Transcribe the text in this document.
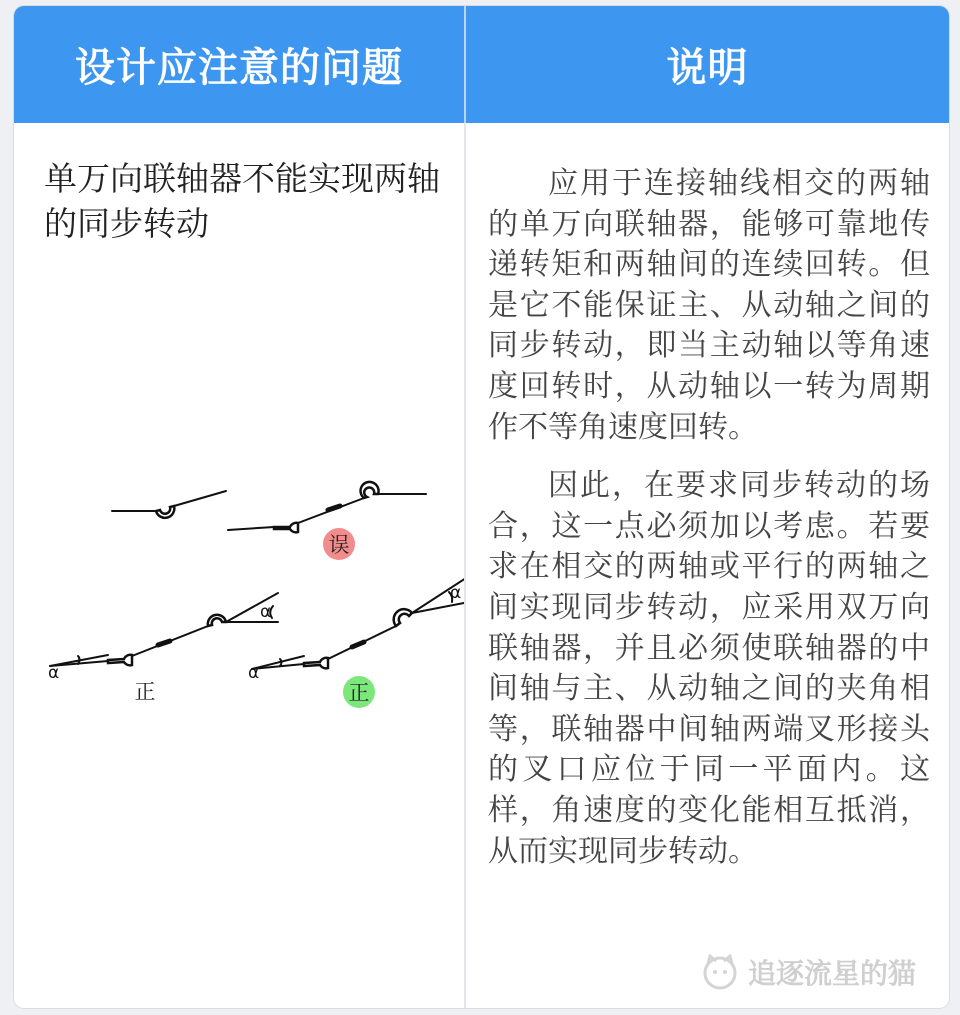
设计应注意的问题	说明
单万向联轴器不能实现两轴的同步转动
α
α
α
α
误
正	正

应用于连接轴线相交的两轴的单万向联轴器，能够可靠地传递转矩和两轴间的连续回转。但是它不能保证主、从动轴之间的同步转动，即当主动轴以等角速度回转时，从动轴以一转为周期作不等角速度回转。

因此，在要求同步转动的场合，这一点必须加以考虑。若要求在相交的两轴或平行的两轴之间实现同步转动，应采用双万向联轴器，并且必须使联轴器的中间轴与主、从动轴之间的夹角相等，联轴器中间轴两端叉形接头的叉口应位于同一平面内。这样，角速度的变化能相互抵消，从而实现同步转动。

追逐流星的猫
